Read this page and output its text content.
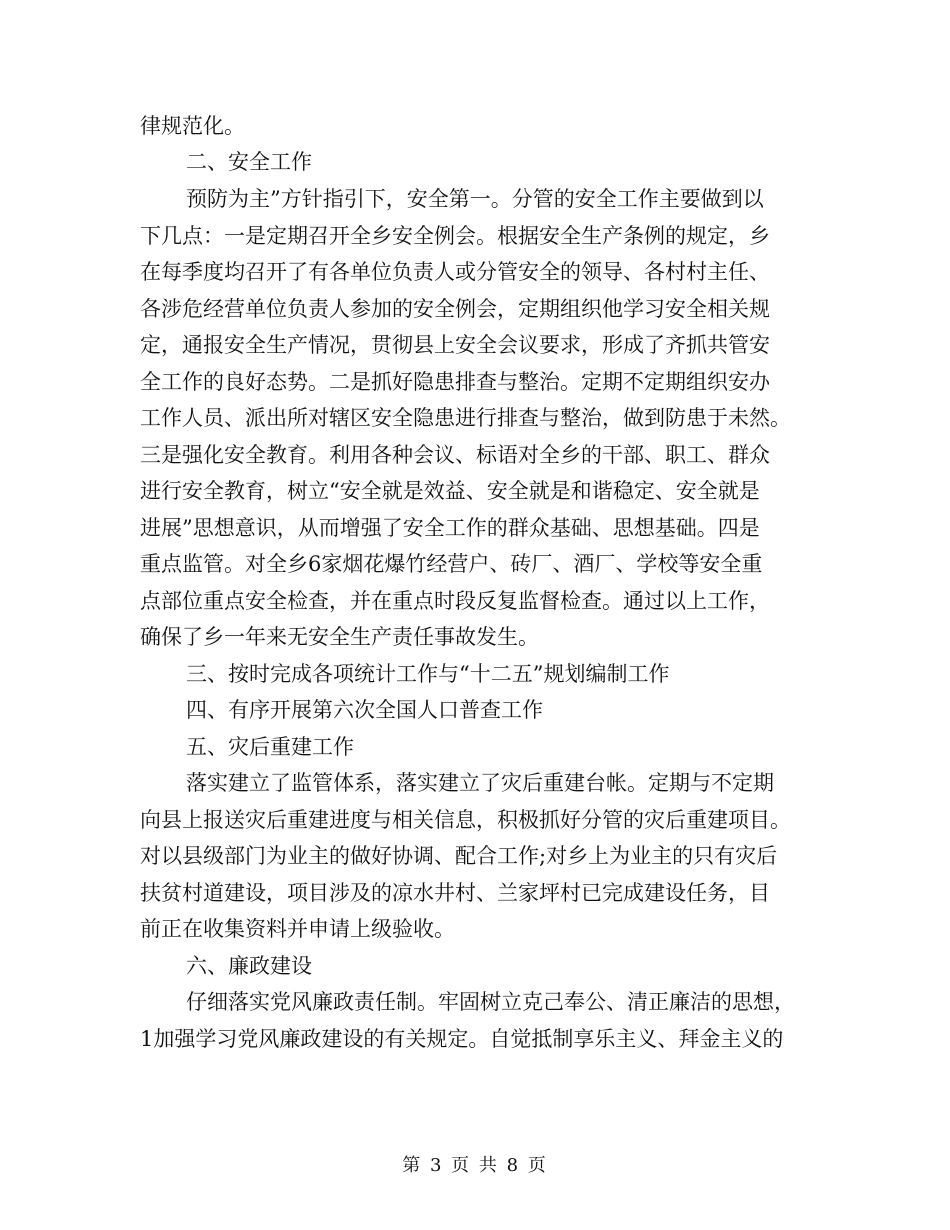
律规范化。
二、安全工作
预防为主”方针指引下，安全第一。分管的安全工作主要做到以
下几点：一是定期召开全乡安全例会。根据安全生产条例的规定，乡
在每季度均召开了有各单位负责人或分管安全的领导、各村村主任、
各涉危经营单位负责人参加的安全例会，定期组织他学习安全相关规
定，通报安全生产情况，贯彻县上安全会议要求，形成了齐抓共管安
全工作的良好态势。二是抓好隐患排查与整治。定期不定期组织安办
工作人员、派出所对辖区安全隐患进行排查与整治，做到防患于未然。
三是强化安全教育。利用各种会议、标语对全乡的干部、职工、群众
进行安全教育，树立“安全就是效益、安全就是和谐稳定、安全就是
进展”思想意识，从而增强了安全工作的群众基础、思想基础。四是
重点监管。对全乡6家烟花爆竹经营户、砖厂、酒厂、学校等安全重
点部位重点安全检查，并在重点时段反复监督检查。通过以上工作，
确保了乡一年来无安全生产责任事故发生。
三、按时完成各项统计工作与“十二五”规划编制工作
四、有序开展第六次全国人口普查工作
五、灾后重建工作
落实建立了监管体系，落实建立了灾后重建台帐。定期与不定期
向县上报送灾后重建进度与相关信息，积极抓好分管的灾后重建项目。
对以县级部门为业主的做好协调、配合工作;对乡上为业主的只有灾后
扶贫村道建设，项目涉及的凉水井村、兰家坪村已完成建设任务，目
前正在收集资料并申请上级验收。
六、廉政建设
仔细落实党风廉政责任制。牢固树立克己奉公、清正廉洁的思想，
1加强学习党风廉政建设的有关规定。自觉抵制享乐主义、拜金主义的
第 3 页 共 8 页
